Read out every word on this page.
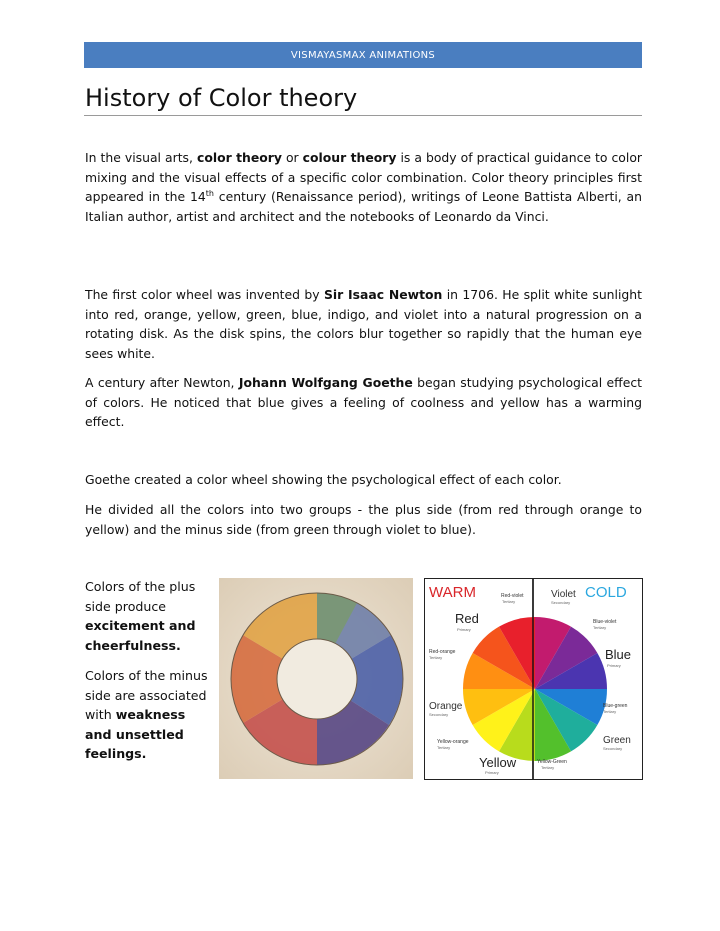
VISMAYASMAX ANIMATIONS
History of Color theory

In the visual arts, color theory or colour theory is a body of practical guidance to color mixing and the visual effects of a specific color combination. Color theory principles first appeared in the 14th century (Renaissance period), writings of Leone Battista Alberti, an Italian author, artist and architect and the notebooks of Leonardo da Vinci.

The first color wheel was invented by Sir Isaac Newton in 1706. He split white sunlight into red, orange, yellow, green, blue, indigo, and violet into a natural progression on a rotating disk. As the disk spins, the colors blur together so rapidly that the human eye sees white.

A century after Newton, Johann Wolfgang Goethe began studying psychological effect of colors. He noticed that blue gives a feeling of coolness and yellow has a warming effect.

Goethe created a color wheel showing the psychological effect of each color.

He divided all the colors into two groups - the plus side (from red through orange to yellow) and the minus side (from green through violet to blue).

Colors of the plus side produce excitement and cheerfulness.

Colors of the minus side are associated with weakness and unsettled feelings.

WARM	COLD
Red
Primary
Red-violet
Tertiary
Violet
Secondary
Blue-violet
Tertiary
Blue
Primary
Red-orange
Tertiary
Orange
Secondary
Blue-green
Tertiary
Yellow-orange
Tertiary
Green
Secondary
Yellow
Primary
Yellow-Green
Tertiary
